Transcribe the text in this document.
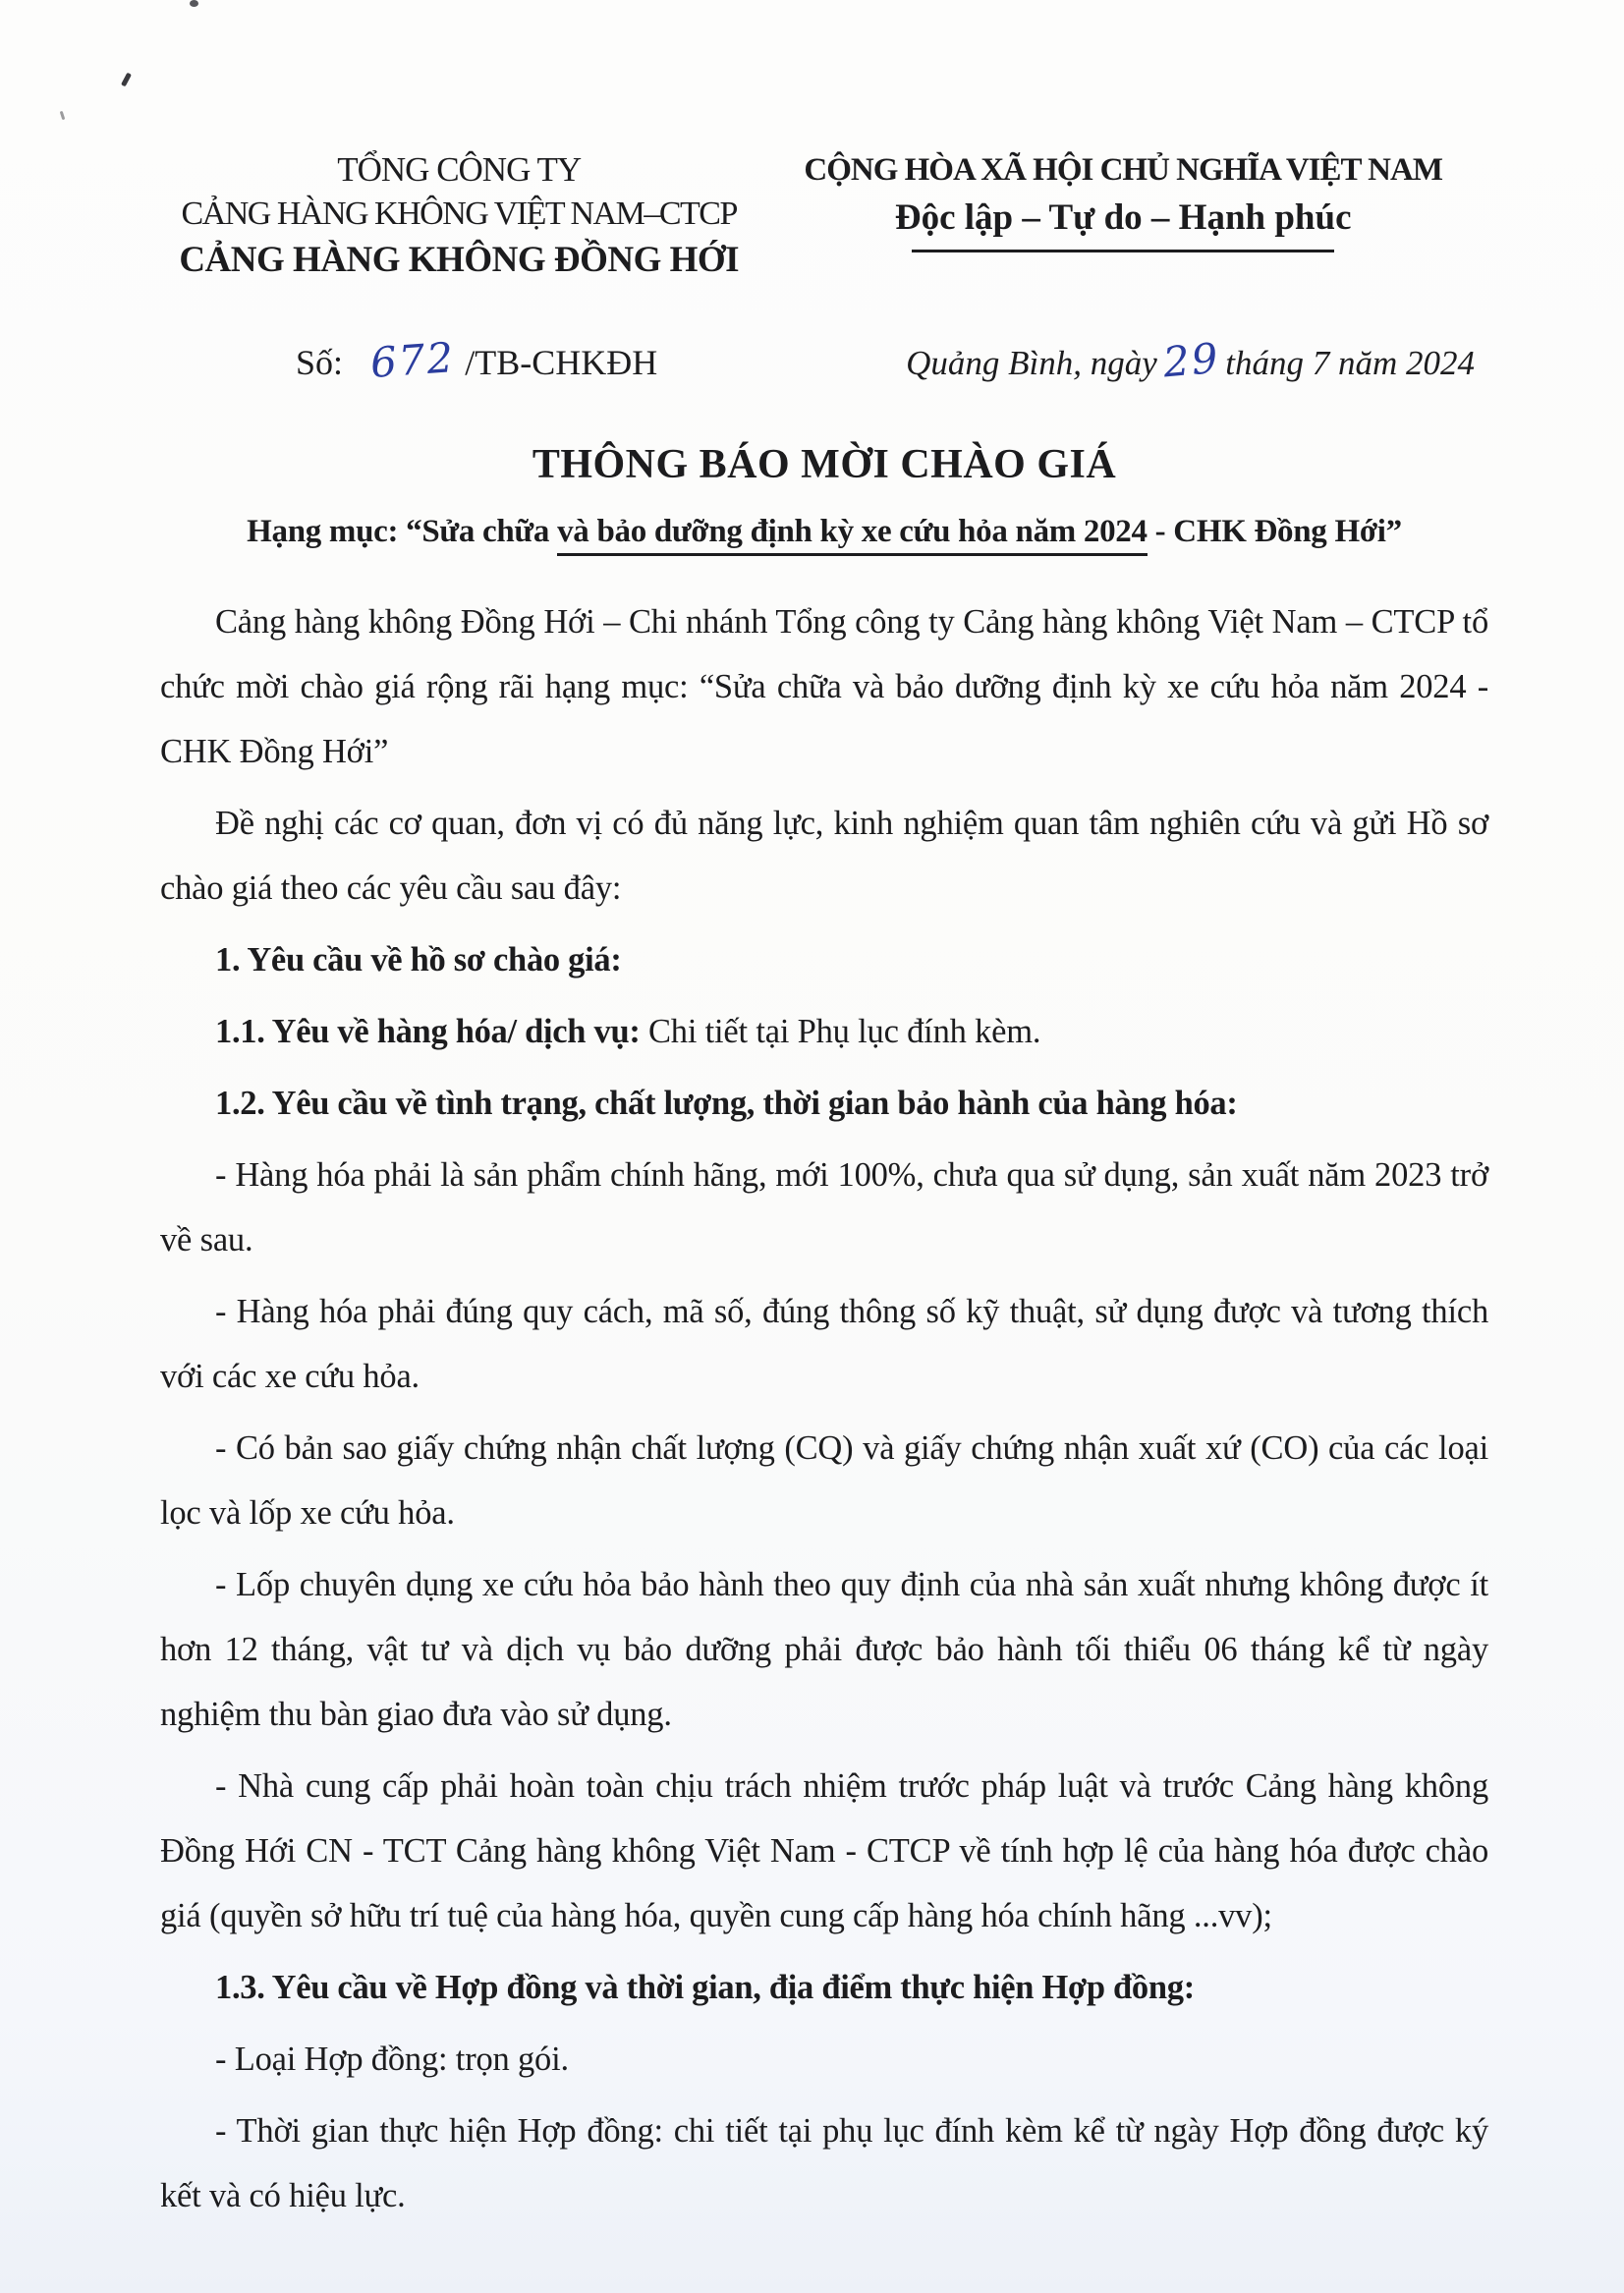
TỔNG CÔNG TY
CẢNG HÀNG KHÔNG VIỆT NAM–CTCP
CẢNG HÀNG KHÔNG ĐỒNG HỚI
CỘNG HÒA XÃ HỘI CHỦ NGHĨA VIỆT NAM
Độc lập – Tự do – Hạnh phúc
Số: 672 /TB-CHKĐH	Quảng Bình, ngày29 tháng 7 năm 2024
THÔNG BÁO MỜI CHÀO GIÁ
Hạng mục: “Sửa chữa và bảo dưỡng định kỳ xe cứu hỏa năm 2024 - CHK Đồng Hới”

Cảng hàng không Đồng Hới – Chi nhánh Tổng công ty Cảng hàng không Việt Nam – CTCP tổ chức mời chào giá rộng rãi hạng mục: “Sửa chữa và bảo dưỡng định kỳ xe cứu hỏa năm 2024 - CHK Đồng Hới”

Đề nghị các cơ quan, đơn vị có đủ năng lực, kinh nghiệm quan tâm nghiên cứu và gửi Hồ sơ chào giá theo các yêu cầu sau đây:

1. Yêu cầu về hồ sơ chào giá:

1.1. Yêu về hàng hóa/ dịch vụ: Chi tiết tại Phụ lục đính kèm.

1.2. Yêu cầu về tình trạng, chất lượng, thời gian bảo hành của hàng hóa:

- Hàng hóa phải là sản phẩm chính hãng, mới 100%, chưa qua sử dụng, sản xuất năm 2023 trở về sau.

- Hàng hóa phải đúng quy cách, mã số, đúng thông số kỹ thuật, sử dụng được và tương thích với các xe cứu hỏa.

- Có bản sao giấy chứng nhận chất lượng (CQ) và giấy chứng nhận xuất xứ (CO) của các loại lọc và lốp xe cứu hỏa.

- Lốp chuyên dụng xe cứu hỏa bảo hành theo quy định của nhà sản xuất nhưng không được ít hơn 12 tháng, vật tư và dịch vụ bảo dưỡng phải được bảo hành tối thiểu 06 tháng kể từ ngày nghiệm thu bàn giao đưa vào sử dụng.

- Nhà cung cấp phải hoàn toàn chịu trách nhiệm trước pháp luật và trước Cảng hàng không Đồng Hới CN - TCT Cảng hàng không Việt Nam - CTCP về tính hợp lệ của hàng hóa được chào giá (quyền sở hữu trí tuệ của hàng hóa, quyền cung cấp hàng hóa chính hãng ...vv);

1.3. Yêu cầu về Hợp đồng và thời gian, địa điểm thực hiện Hợp đồng:

- Loại Hợp đồng: trọn gói.

- Thời gian thực hiện Hợp đồng: chi tiết tại phụ lục đính kèm kể từ ngày Hợp đồng được ký kết và có hiệu lực.
